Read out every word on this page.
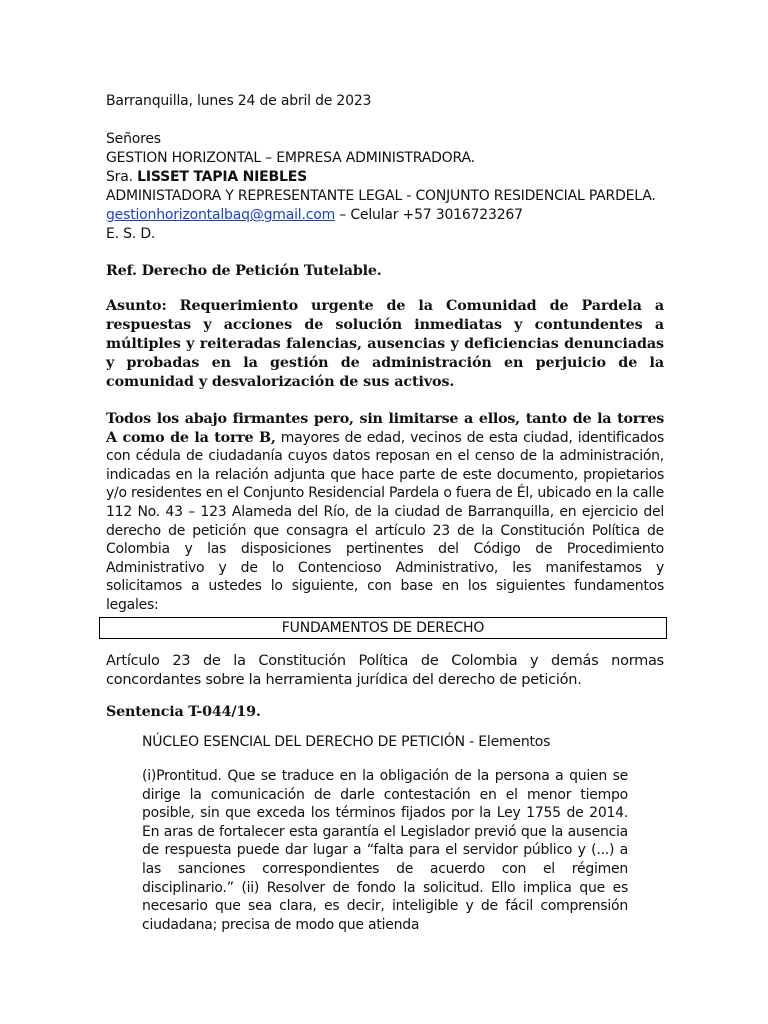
Barranquilla, lunes 24 de abril de 2023
Señores
GESTION HORIZONTAL – EMPRESA ADMINISTRADORA.
Sra. LISSET TAPIA NIEBLES
ADMINISTADORA Y REPRESENTANTE LEGAL - CONJUNTO RESIDENCIAL PARDELA.
gestionhorizontalbaq@gmail.com – Celular +57 3016723267
E. S. D.
Ref. Derecho de Petición Tutelable.
Asunto: Requerimiento urgente de la Comunidad de Pardela a respuestas y acciones de solución inmediatas y contundentes a múltiples y reiteradas falencias, ausencias y deficiencias denunciadas y probadas en la gestión de administración en perjuicio de la comunidad y desvalorización de sus activos.
Todos los abajo firmantes pero, sin limitarse a ellos, tanto de la torres A como de la torre B, mayores de edad, vecinos de esta ciudad, identificados con cédula de ciudadanía cuyos datos reposan en el censo de la administración, indicadas en la relación adjunta que hace parte de este documento, propietarios y/o residentes en el Conjunto Residencial Pardela o fuera de Él, ubicado en la calle 112 No. 43 – 123 Alameda del Río, de la ciudad de Barranquilla, en ejercicio del derecho de petición que consagra el artículo 23 de la Constitución Política de Colombia y las disposiciones pertinentes del Código de Procedimiento Administrativo y de lo Contencioso Administrativo, les manifestamos y solicitamos a ustedes lo siguiente, con base en los siguientes fundamentos legales:
FUNDAMENTOS DE DERECHO
Artículo 23 de la Constitución Política de Colombia y demás normas concordantes sobre la herramienta jurídica del derecho de petición.
Sentencia T-044/19.
NÚCLEO ESENCIAL DEL DERECHO DE PETICIÓN - Elementos
(i)Prontitud. Que se traduce en la obligación de la persona a quien se dirige la comunicación de darle contestación en el menor tiempo posible, sin que exceda los términos fijados por la Ley 1755 de 2014. En aras de fortalecer esta garantía el Legislador previó que la ausencia de respuesta puede dar lugar a “falta para el servidor público y (...) a las sanciones correspondientes de acuerdo con el régimen disciplinario.” (ii) Resolver de fondo la solicitud. Ello implica que es necesario que sea clara, es decir, inteligible y de fácil comprensión ciudadana; precisa de modo que atienda
